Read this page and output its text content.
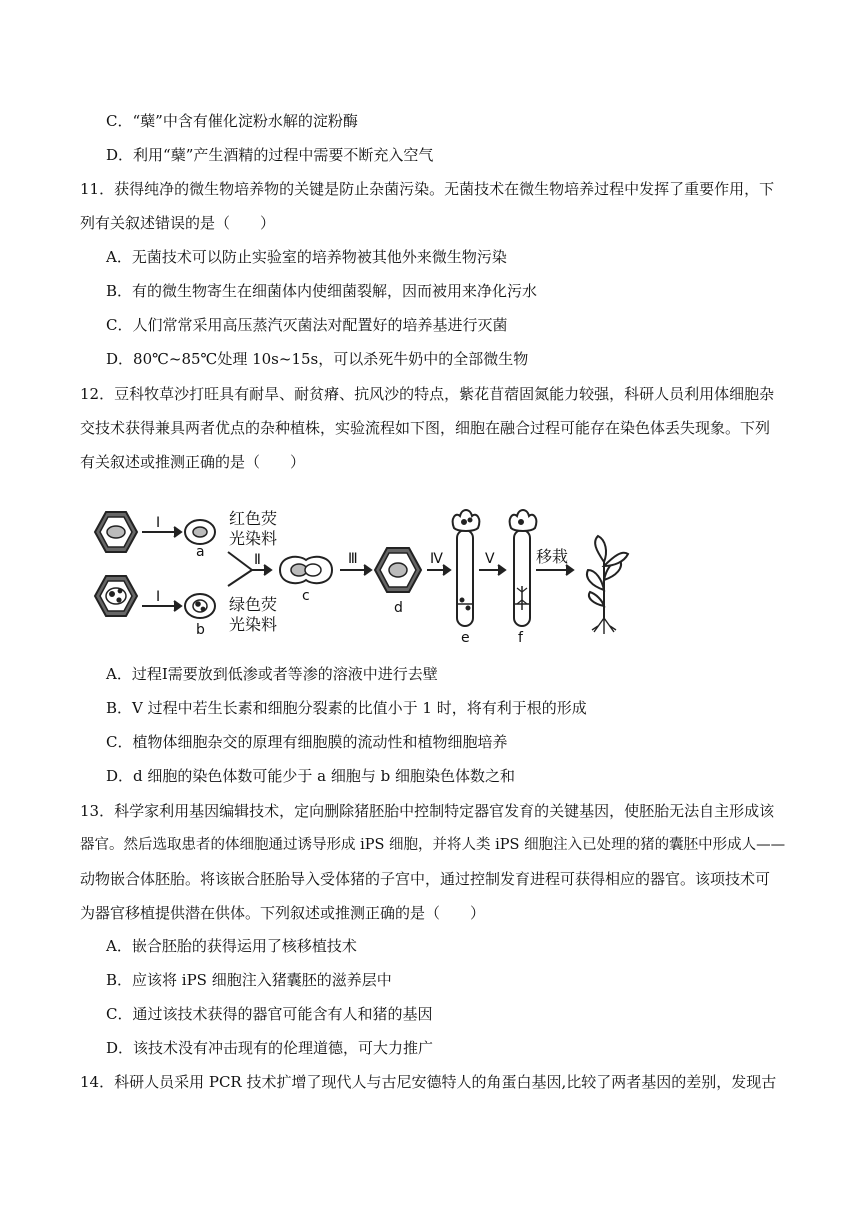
C．“蘖”中含有催化淀粉水解的淀粉酶
D．利用“蘖”产生酒精的过程中需要不断充入空气
11．获得纯净的微生物培养物的关键是防止杂菌污染。无菌技术在微生物培养过程中发挥了重要作用，下
列有关叙述错误的是（　　）
A．无菌技术可以防止实验室的培养物被其他外来微生物污染
B．有的微生物寄生在细菌体内使细菌裂解，因而被用来净化污水
C．人们常常采用高压蒸汽灭菌法对配置好的培养基进行灭菌
D．80℃~85℃处理 10s~15s，可以杀死牛奶中的全部微生物
12．豆科牧草沙打旺具有耐旱、耐贫瘠、抗风沙的特点，紫花苜蓿固氮能力较强，科研人员利用体细胞杂
交技术获得兼具两者优点的杂种植株，实验流程如下图，细胞在融合过程可能存在染色体丢失现象。下列
有关叙述或推测正确的是（　　）
Ⅰ
Ⅰ
Ⅱ	Ⅲ	Ⅳ	Ⅴ
红色荧
光染料
绿色荧
光染料
移栽
a
b
c
d
e	f
A．过程Ⅰ需要放到低渗或者等渗的溶液中进行去壁
B．V 过程中若生长素和细胞分裂素的比值小于 1 时，将有利于根的形成
C．植物体细胞杂交的原理有细胞膜的流动性和植物细胞培养
D．d 细胞的染色体数可能少于 a 细胞与 b 细胞染色体数之和
13．科学家利用基因编辑技术，定向删除猪胚胎中控制特定器官发育的关键基因，使胚胎无法自主形成该
器官。然后选取患者的体细胞通过诱导形成 iPS 细胞，并将人类 iPS 细胞注入已处理的猪的囊胚中形成人——
动物嵌合体胚胎。将该嵌合胚胎导入受体猪的子宫中，通过控制发育进程可获得相应的器官。该项技术可
为器官移植提供潜在供体。下列叙述或推测正确的是（　　）
A．嵌合胚胎的获得运用了核移植技术
B．应该将 iPS 细胞注入猪囊胚的滋养层中
C．通过该技术获得的器官可能含有人和猪的基因
D．该技术没有冲击现有的伦理道德，可大力推广
14．科研人员采用 PCR 技术扩增了现代人与古尼安德特人的角蛋白基因,比较了两者基因的差别，发现古
